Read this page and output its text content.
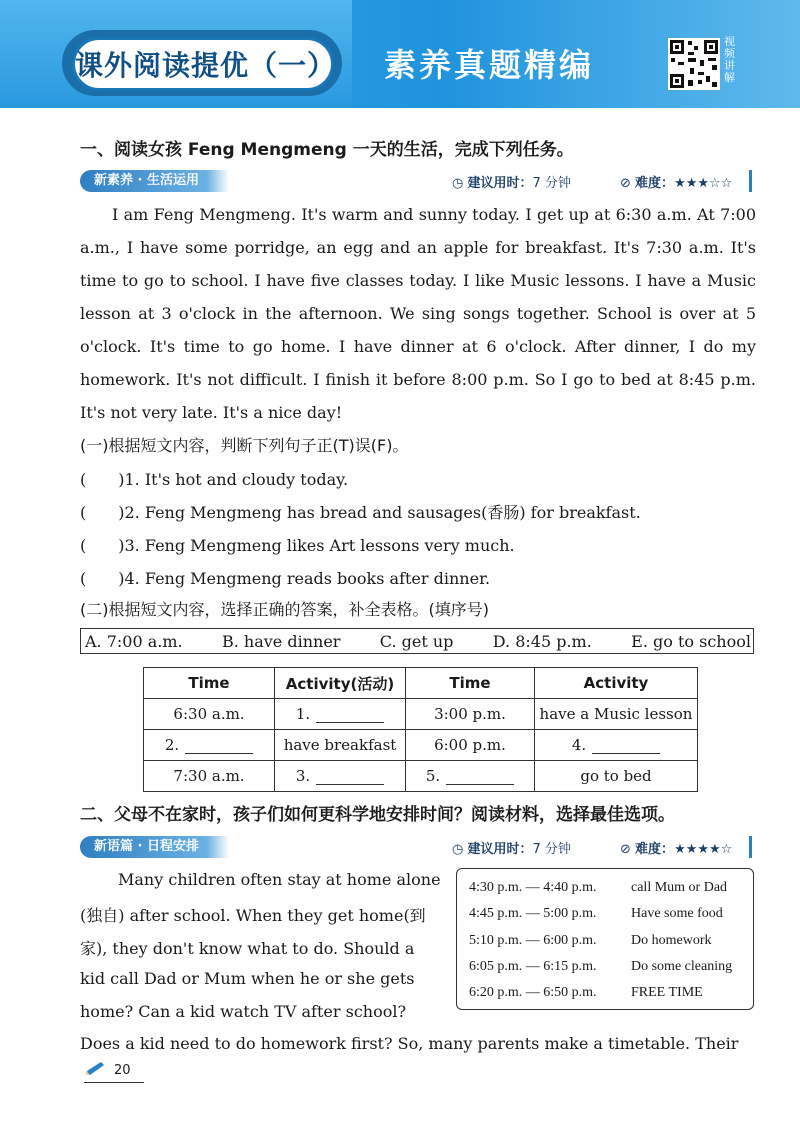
课外阅读提优（一） 素养真题精编
视频讲解
一、阅读女孩 Feng Mengmeng 一天的生活，完成下列任务。
新素养 · 生活运用	◷ 建议用时：7 分钟	⊘ 难度：★★★☆☆
I am Feng Mengmeng. It's warm and sunny today. I get up at 6:30 a.m. At 7:00 a.m., I have some porridge, an egg and an apple for breakfast. It's 7:30 a.m. It's time to go to school. I have five classes today. I like Music lessons. I have a Music lesson at 3 o'clock in the afternoon. We sing songs together. School is over at 5 o'clock. It's time to go home. I have dinner at 6 o'clock. After dinner, I do my homework. It's not difficult. I finish it before 8:00 p.m. So I go to bed at 8:45 p.m. It's not very late. It's a nice day!
(一)根据短文内容，判断下列句子正(T)误(F)。
(　　)1. It's hot and cloudy today.
(　　)2. Feng Mengmeng has bread and sausages(香肠) for breakfast.
(　　)3. Feng Mengmeng likes Art lessons very much.
(　　)4. Feng Mengmeng reads books after dinner.
(二)根据短文内容，选择正确的答案，补全表格。(填序号)
A. 7:00 a.m. B. have dinner C. get up D. 8:45 p.m. E. go to school
Time	Activity(活动)	Time	Activity
6:30 a.m.	1.	3:00 p.m.	have a Music lesson
2.	have breakfast	6:00 p.m.	4.
7:30 a.m.	3.	5.	go to bed
二、父母不在家时，孩子们如何更科学地安排时间？阅读材料，选择最佳选项。
新语篇 · 日程安排	◷ 建议用时：7 分钟	⊘ 难度：★★★★☆
Many children often stay at home alone
(独自) after school. When they get home(到
家), they don't know what to do. Should a
kid call Dad or Mum when he or she gets
home? Can a kid watch TV after school?
Does a kid need to do homework first? So, many parents make a timetable. Their
4:30 p.m. — 4:40 p.m. call Mum or Dad
4:45 p.m. — 5:00 p.m. Have some food
5:10 p.m. — 6:00 p.m. Do homework
6:05 p.m. — 6:15 p.m. Do some cleaning
6:20 p.m. — 6:50 p.m. FREE TIME
20
